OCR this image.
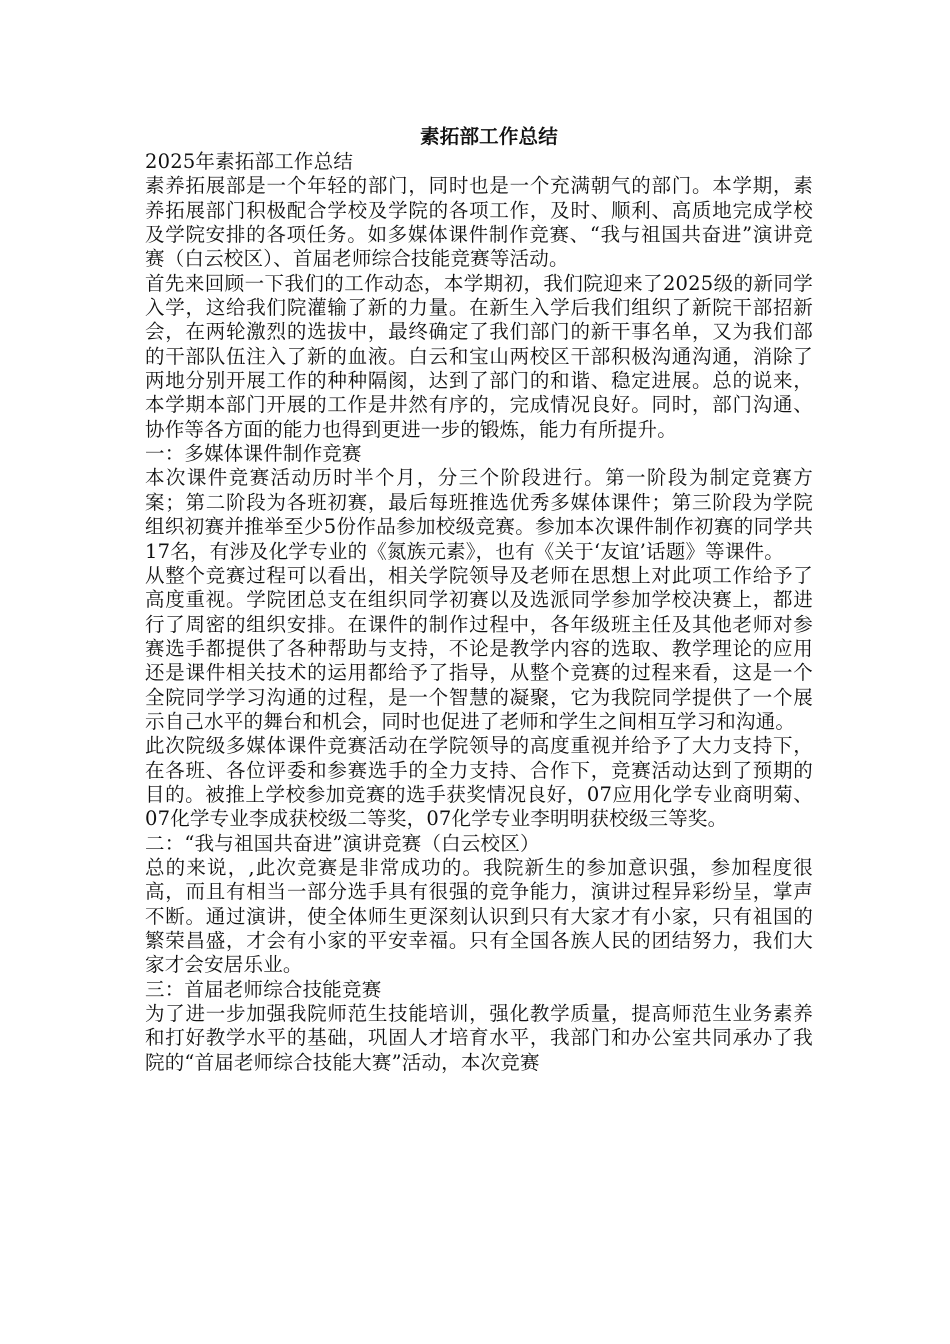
素拓部工作总结

2025年素拓部工作总结

素养拓展部是一个年轻的部门，同时也是一个充满朝气的部门。本学期，素养拓展部门积极配合学校及学院的各项工作，及时、顺利、高质地完成学校及学院安排的各项任务。如多媒体课件制作竞赛、“我与祖国共奋进”演讲竞赛（白云校区）、首届老师综合技能竞赛等活动。

首先来回顾一下我们的工作动态，本学期初，我们院迎来了2025级的新同学入学，这给我们院灌输了新的力量。在新生入学后我们组织了新院干部招新会，在两轮激烈的选拔中，最终确定了我们部门的新干事名单，又为我们部的干部队伍注入了新的血液。白云和宝山两校区干部积极沟通沟通，消除了两地分别开展工作的种种隔阂，达到了部门的和谐、稳定进展。总的说来，本学期本部门开展的工作是井然有序的，完成情况良好。同时，部门沟通、协作等各方面的能力也得到更进一步的锻炼，能力有所提升。

一：多媒体课件制作竞赛

本次课件竞赛活动历时半个月，分三个阶段进行。第一阶段为制定竞赛方案；第二阶段为各班初赛，最后每班推选优秀多媒体课件；第三阶段为学院组织初赛并推举至少5份作品参加校级竞赛。参加本次课件制作初赛的同学共17名，有涉及化学专业的《氮族元素》，也有《关于‘友谊’话题》等课件。

从整个竞赛过程可以看出，相关学院领导及老师在思想上对此项工作给予了高度重视。学院团总支在组织同学初赛以及选派同学参加学校决赛上，都进行了周密的组织安排。在课件的制作过程中，各年级班主任及其他老师对参赛选手都提供了各种帮助与支持，不论是教学内容的选取、教学理论的应用还是课件相关技术的运用都给予了指导，从整个竞赛的过程来看，这是一个全院同学学习沟通的过程，是一个智慧的凝聚，它为我院同学提供了一个展示自己水平的舞台和机会，同时也促进了老师和学生之间相互学习和沟通。

此次院级多媒体课件竞赛活动在学院领导的高度重视并给予了大力支持下，在各班、各位评委和参赛选手的全力支持、合作下，竞赛活动达到了预期的目的。被推上学校参加竞赛的选手获奖情况良好，07应用化学专业商明菊、07化学专业李成获校级二等奖，07化学专业李明明获校级三等奖。

二：“我与祖国共奋进”演讲竞赛（白云校区）

总的来说，,此次竞赛是非常成功的。我院新生的参加意识强，参加程度很高，而且有相当一部分选手具有很强的竞争能力，演讲过程异彩纷呈，掌声不断。通过演讲，使全体师生更深刻认识到只有大家才有小家，只有祖国的繁荣昌盛，才会有小家的平安幸福。只有全国各族人民的团结努力，我们大家才会安居乐业。

三：首届老师综合技能竞赛

为了进一步加强我院师范生技能培训，强化教学质量，提高师范生业务素养和打好教学水平的基础，巩固人才培育水平，我部门和办公室共同承办了我院的“首届老师综合技能大赛”活动，本次竞赛
